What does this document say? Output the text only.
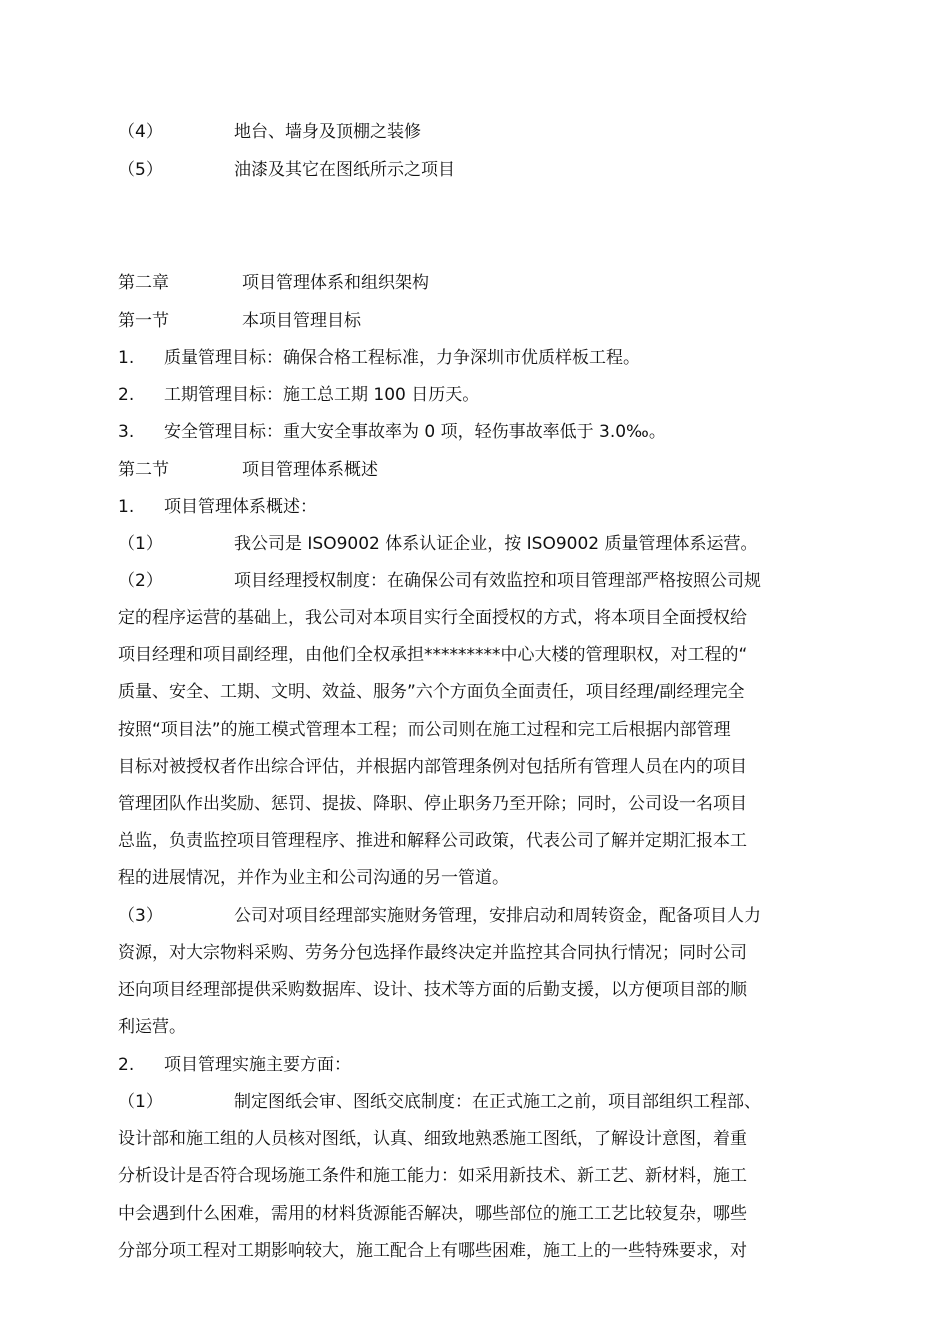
（4）

	地台、墙身及顶棚之装修

（5）

	油漆及其它在图纸所示之项目

第二章

	项目管理体系和组织架构

第一节

	本项目管理目标

1.

质量管理目标：确保合格工程标准，力争深圳市优质样板工程。

2.

工期管理目标：施工总工期 100 日历天。

3.

安全管理目标：重大安全事故率为 0 项，轻伤事故率低于 3.0‰。

第二节

	项目管理体系概述

1.

项目管理体系概述：

（1）

	我公司是 ISO9002 体系认证企业，按 ISO9002 质量管理体系运营。

（2）

	项目经理授权制度：在确保公司有效监控和项目管理部严格按照公司规

定的程序运营的基础上，我公司对本项目实行全面授权的方式，将本项目全面授权给
项目经理和项目副经理，由他们全权承担*********中心大楼的管理职权，对工程的“
质量、安全、工期、文明、效益、服务”六个方面负全面责任，项目经理/副经理完全
按照“项目法”的施工模式管理本工程；而公司则在施工过程和完工后根据内部管理
目标对被授权者作出综合评估，并根据内部管理条例对包括所有管理人员在内的项目
管理团队作出奖励、惩罚、提拔、降职、停止职务乃至开除；同时，公司设一名项目
总监，负责监控项目管理程序、推进和解释公司政策，代表公司了解并定期汇报本工
程的进展情况，并作为业主和公司沟通的另一管道。

（3）

	公司对项目经理部实施财务管理，安排启动和周转资金，配备项目人力

资源，对大宗物料采购、劳务分包选择作最终决定并监控其合同执行情况；同时公司
还向项目经理部提供采购数据库、设计、技术等方面的后勤支援，以方便项目部的顺
利运营。

2.

项目管理实施主要方面：

（1）

	制定图纸会审、图纸交底制度：在正式施工之前，项目部组织工程部、

设计部和施工组的人员核对图纸，认真、细致地熟悉施工图纸，了解设计意图，着重
分析设计是否符合现场施工条件和施工能力：如采用新技术、新工艺、新材料，施工
中会遇到什么困难，需用的材料货源能否解决，哪些部位的施工工艺比较复杂，哪些
分部分项工程对工期影响较大，施工配合上有哪些困难，施工上的一些特殊要求，对
